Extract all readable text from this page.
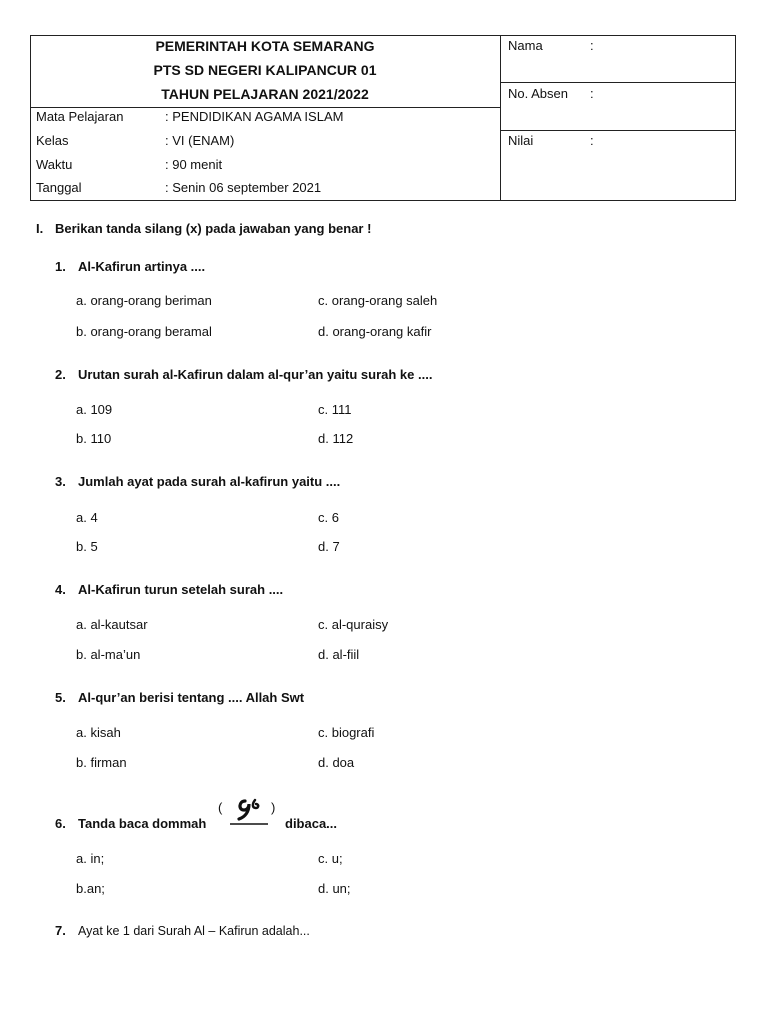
PEMERINTAH KOTA SEMARANG
PTS SD NEGERI KALIPANCUR 01
TAHUN PELAJARAN 2021/2022
Mata Pelajaran	: PENDIDIKAN AGAMA ISLAM
Kelas	: VI (ENAM)
Waktu	: 90 menit
Tanggal	: Senin 06 september 2021
Nama	:
No. Absen :
Nilai	:
I. Berikan tanda silang (x) pada jawaban yang benar !
1. Al-Kafirun artinya ....
a. orang-orang beriman	c. orang-orang saleh
b. orang-orang beramal	d. orang-orang kafir
2. Urutan surah al-Kafirun dalam al-qur’an yaitu surah ke ....
a. 109	c. 111
b. 110	d. 112
3. Jumlah ayat pada surah al-kafirun yaitu ....
a. 4	c. 6
b. 5	d. 7
4. Al-Kafirun turun setelah surah ....
a. al-kautsar	c. al-quraisy
b. al-ma’un	d. al-fiil
5. Al-qur’an berisi tentang .... Allah Swt
a. kisah	c. biografi
b. firman	d. doa
6. Tanda baca dommah
(	)
dibaca...
a. in;	c. u;
b.an;	d. un;
7. Ayat ke 1 dari Surah Al – Kafirun adalah...
